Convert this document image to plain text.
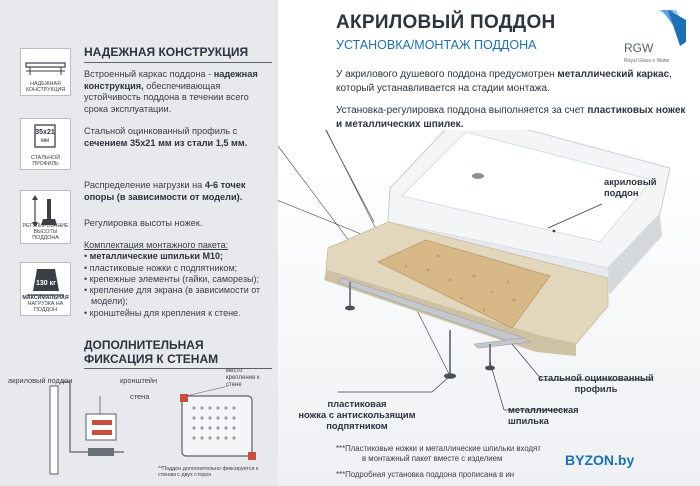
АКРИЛОВЫЙ ПОДДОН
УСТАНОВКА/МОНТАЖ ПОДДОНА	RGW
Royal Glass ≡ Water
У акрилового душевого поддона предусмотрен металлический каркас, который устанавливается на стадии монтажа.
Установка-регулировка поддона выполняется за счет пластиковых ножек и металлических шпилек.
НАДЕЖНАЯ КОНСТРУКЦИЯ
НАДЕЖНАЯ КОНСТРУКЦИЯ
Встроенный каркас поддона - надежная конструкция, обеспечивающая устойчивость поддона в течении всего срока эксплуатации.
35x21
мм
СТАЛЬНОЙ ПРОФИЛЬ
Стальной оцинкованный профиль с сечением 35x21 мм из стали 1,5 мм.
РЕГУЛИРОВАНИЕ ВЫСОТЫ ПОДДОНА
Распределение нагрузки на 4-6 точек опоры (в зависимости от модели).
Регулировка высоты ножек.
Комплектация монтажного пакета:
• металлические шпильки М10;
• пластиковые ножки с подпятником;
• крепежные элементы (гайки, саморезы);
• крепление для экрана (в зависимости от модели);
• кронштейны для крепления к стене.
130 кг
МАКСИМАЛЬНАЯ
НАГРУЗКА НА ПОДДОН
ДОПОЛНИТЕЛЬНАЯ
ФИКСАЦИЯ К СТЕНАМ
акриловый поддон	кронштейн
стена
место крепления к стене
**Поддон дополнительно фиксируется к стенам с двух сторон
акриловый
поддон
стальной оцинкованный
профиль
металлическая
шпилька
пластиковая
ножка с антискользящим
подпятником
***Пластиковые ножки и металлические шпильки входят
в монтажный пакет вместе с изделием
***Подробная установка поддона прописана в ин
BYZON.by
